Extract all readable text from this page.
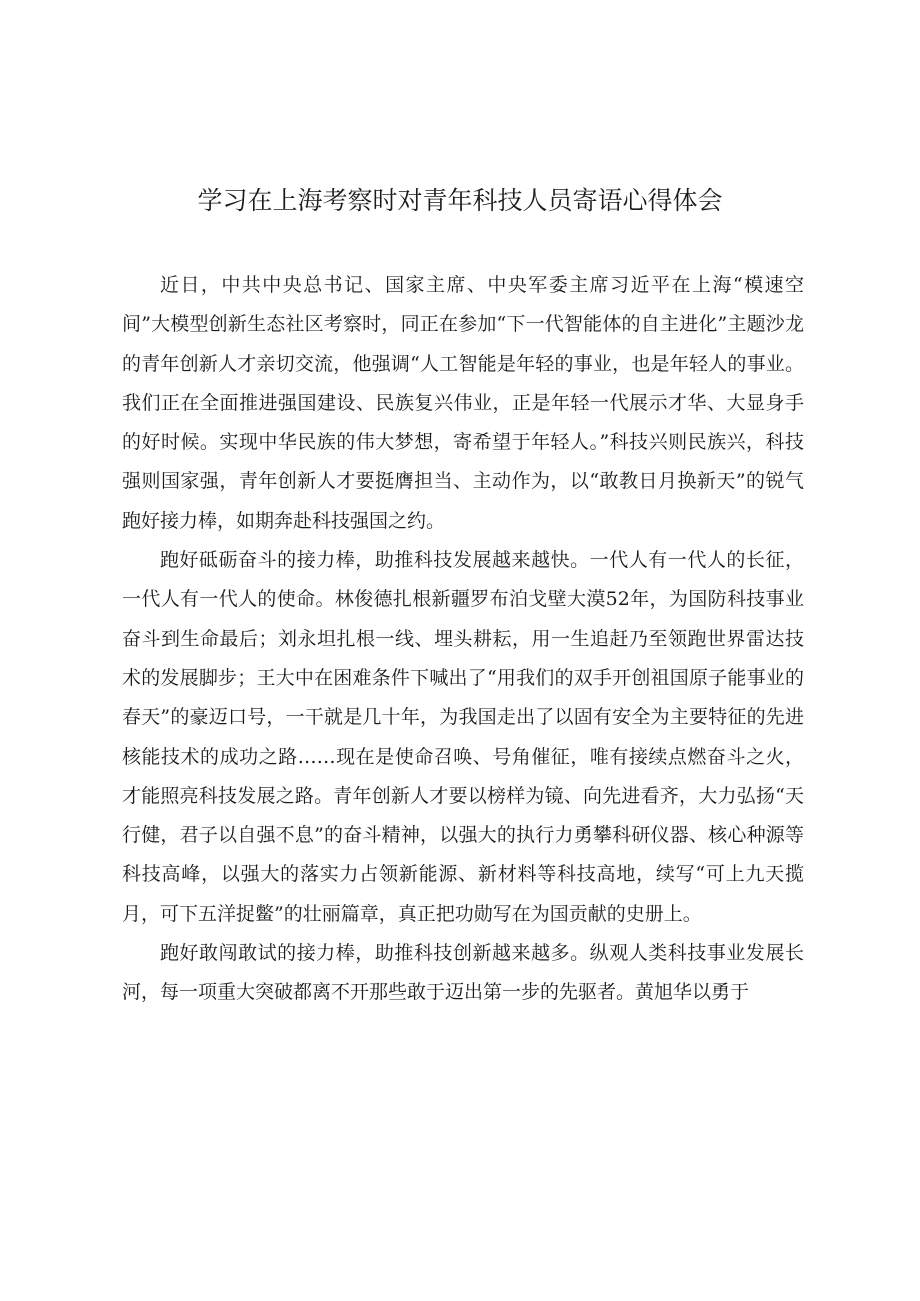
学习在上海考察时对青年科技人员寄语心得体会

近日，中共中央总书记、国家主席、中央军委主席习近平在上海“模速空间”大模型创新生态社区考察时，同正在参加“下一代智能体的自主进化”主题沙龙的青年创新人才亲切交流，他强调“人工智能是年轻的事业，也是年轻人的事业。我们正在全面推进强国建设、民族复兴伟业，正是年轻一代展示才华、大显身手的好时候。实现中华民族的伟大梦想，寄希望于年轻人。”科技兴则民族兴，科技强则国家强，青年创新人才要挺膺担当、主动作为，以“敢教日月换新天”的锐气跑好接力棒，如期奔赴科技强国之约。

跑好砥砺奋斗的接力棒，助推科技发展越来越快。一代人有一代人的长征，一代人有一代人的使命。林俊德扎根新疆罗布泊戈壁大漠52年，为国防科技事业奋斗到生命最后；刘永坦扎根一线、埋头耕耘，用一生追赶乃至领跑世界雷达技术的发展脚步；王大中在困难条件下喊出了“用我们的双手开创祖国原子能事业的春天”的豪迈口号，一干就是几十年，为我国走出了以固有安全为主要特征的先进核能技术的成功之路……现在是使命召唤、号角催征，唯有接续点燃奋斗之火，才能照亮科技发展之路。青年创新人才要以榜样为镜、向先进看齐，大力弘扬“天行健，君子以自强不息”的奋斗精神，以强大的执行力勇攀科研仪器、核心种源等科技高峰，以强大的落实力占领新能源、新材料等科技高地，续写“可上九天揽月，可下五洋捉鳖”的壮丽篇章，真正把功勋写在为国贡献的史册上。

跑好敢闯敢试的接力棒，助推科技创新越来越多。纵观人类科技事业发展长河，每一项重大突破都离不开那些敢于迈出第一步的先驱者。黄旭华以勇于
